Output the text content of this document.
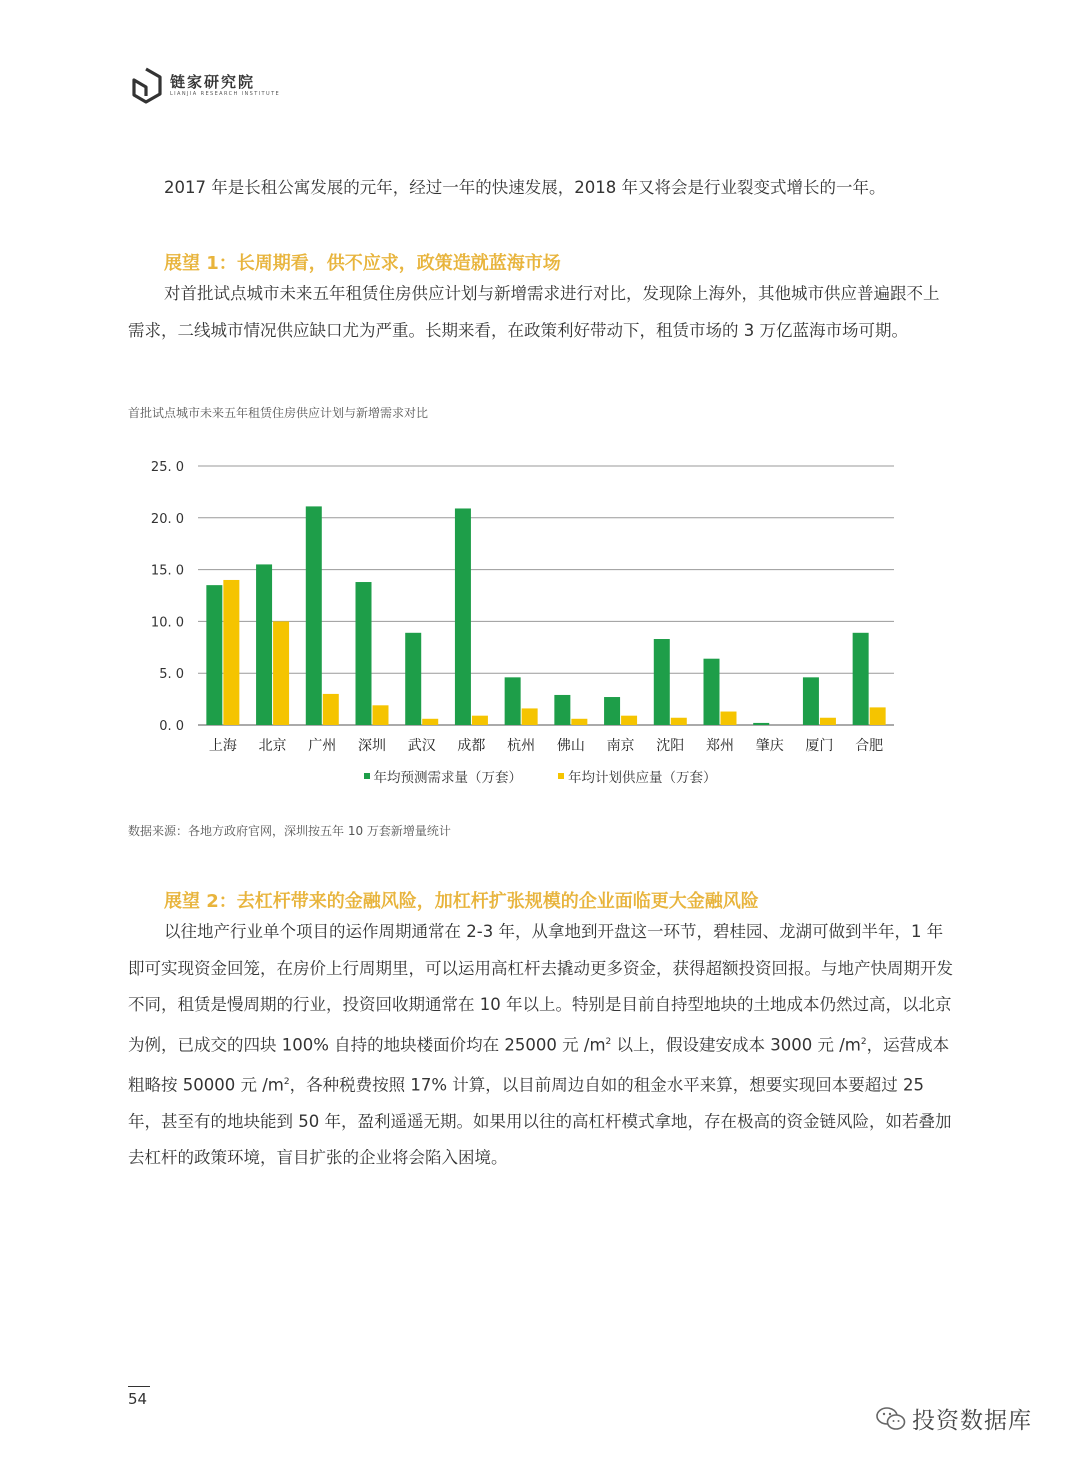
链家研究院
LIANJIA RESEARCH INSTITUTE

2017 年是长租公寓发展的元年，经过一年的快速发展，2018 年又将会是行业裂变式增长的一年。

展望 1：长周期看，供不应求，政策造就蓝海市场

对首批试点城市未来五年租赁住房供应计划与新增需求进行对比，发现除上海外，其他城市供应普遍跟不上需求，二线城市情况供应缺口尤为严重。长期来看，在政策利好带动下，租赁市场的 3 万亿蓝海市场可期。

首批试点城市未来五年租赁住房供应计划与新增需求对比
0. 0
5. 0
10. 0
15. 0
20. 0
25. 0
上海 北京 广州 深圳 武汉 成都 杭州 佛山 南京 沈阳 郑州 肇庆 厦门 合肥
年均预测需求量（万套）	年均计划供应量（万套）
数据来源：各地方政府官网，深圳按五年 10 万套新增量统计
展望 2：去杠杆带来的金融风险，加杠杆扩张规模的企业面临更大金融风险

以往地产行业单个项目的运作周期通常在 2-3 年，从拿地到开盘这一环节，碧桂园、龙湖可做到半年，1 年即可实现资金回笼，在房价上行周期里，可以运用高杠杆去撬动更多资金，获得超额投资回报。与地产快周期开发不同，租赁是慢周期的行业，投资回收期通常在 10 年以上。特别是目前自持型地块的土地成本仍然过高，以北京为例，已成交的四块 100% 自持的地块楼面价均在 25000 元 $/m^2$ 以上，假设建安成本 3000 元 $/m^2$，运营成本粗略按 50000 元 $/m^2$，各种税费按照 17% 计算，以目前周边自如的租金水平来算，想要实现回本要超过 25 年，甚至有的地块能到 50 年，盈利遥遥无期。如果用以往的高杠杆模式拿地，存在极高的资金链风险，如若叠加去杠杆的政策环境，盲目扩张的企业将会陷入困境。

54
投资数据库
